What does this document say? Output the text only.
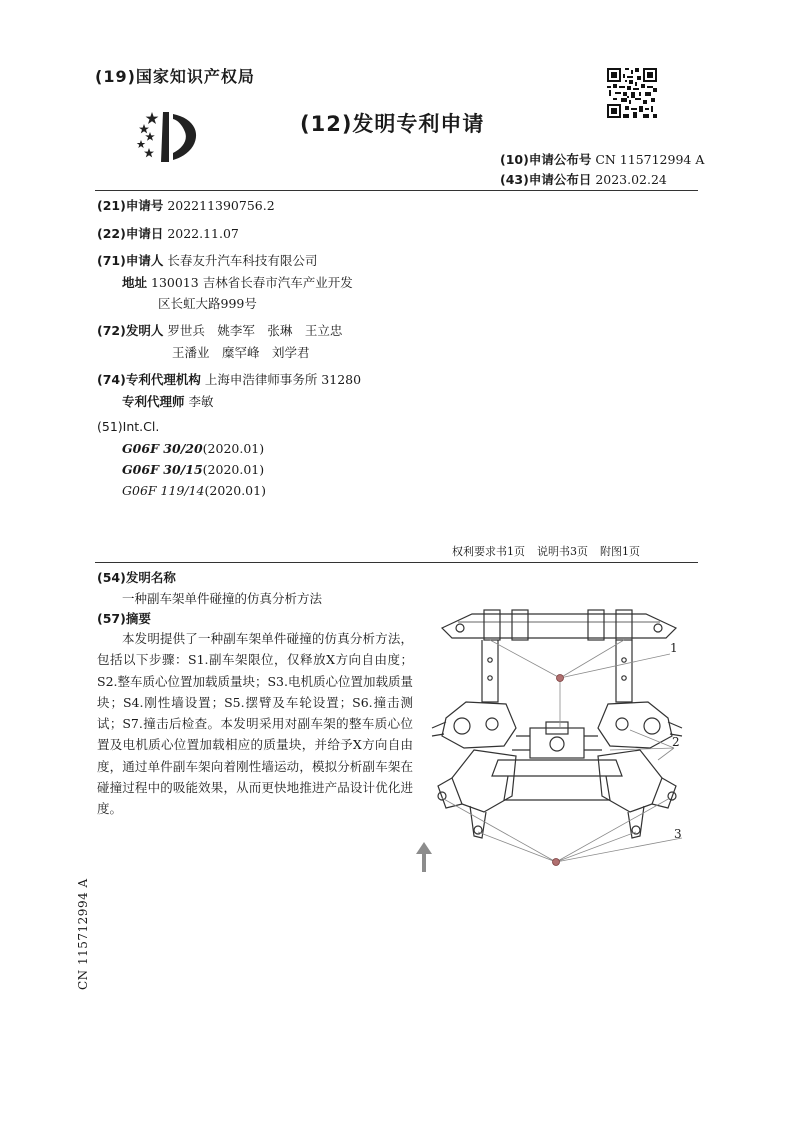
(19)国家知识产权局
(12)发明专利申请
(10)申请公布号 CN 115712994 A
(43)申请公布日 2023.02.24
(21)申请号 202211390756.2
(22)申请日 2022.11.07
(71)申请人 长春友升汽车科技有限公司
地址 130013 吉林省长春市汽车产业开发
区长虹大路999号
(72)发明人 罗世兵　姚李军　张琳　王立忠
王潘业　糜罕峰　刘学君
(74)专利代理机构 上海申浩律师事务所 31280
专利代理师 李敏
(51)Int.Cl.
G06F 30/20(2020.01)
G06F 30/15(2020.01)
G06F 119/14(2020.01)
权利要求书1页 说明书3页 附图1页
(54)发明名称
一种副车架单件碰撞的仿真分析方法
(57)摘要

本发明提供了一种副车架单件碰撞的仿真分析方法，包括以下步骤：S1.副车架限位，仅释放X方向自由度；S2.整车质心位置加载质量块；S3.电机质心位置加载质量块；S4.刚性墙设置；S5.摆臂及车轮设置；S6.撞击测试；S7.撞击后检查。本发明采用对副车架的整车质心位置及电机质心位置加载相应的质量块，并给予X方向自由度，通过单件副车架向着刚性墙运动，模拟分析副车架在碰撞过程中的吸能效果，从而更快地推进产品设计优化进度。

1
2
3
CN 115712994 A
